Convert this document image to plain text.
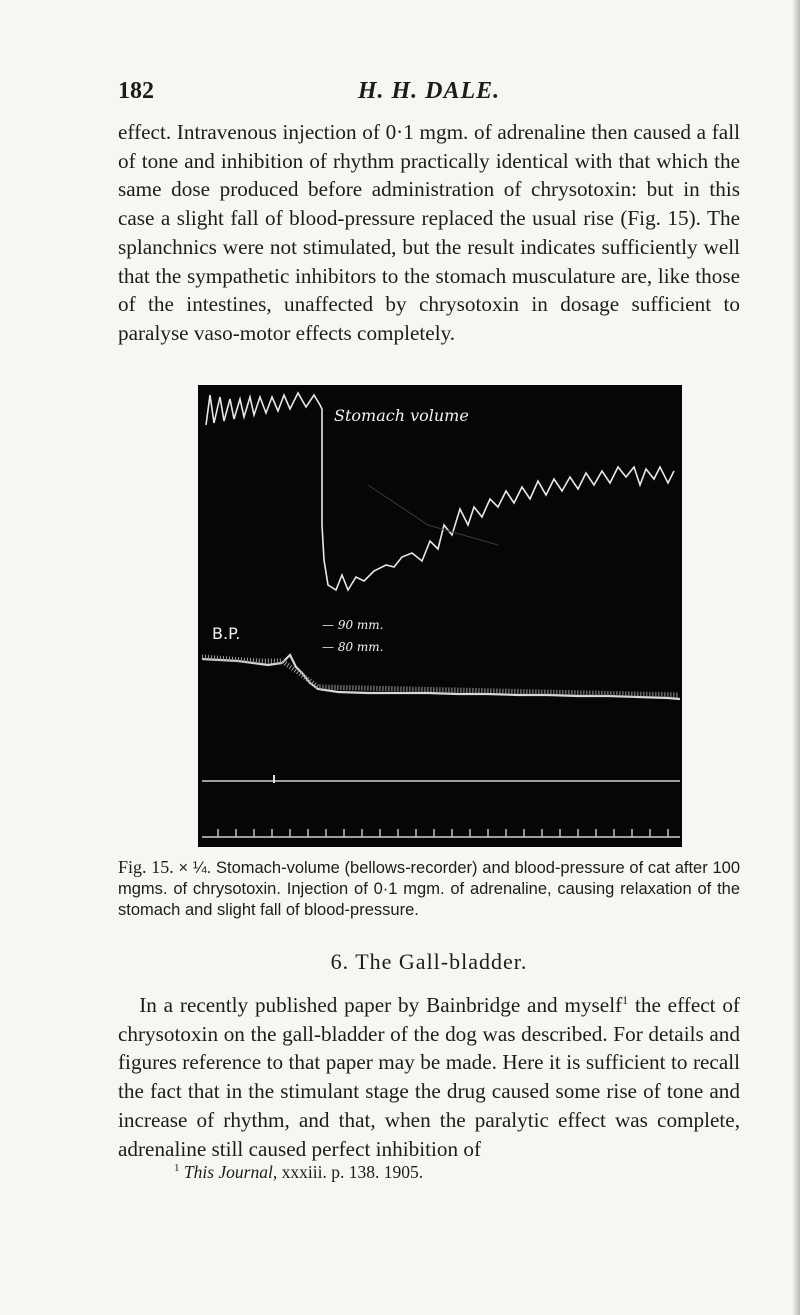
182	H. H. DALE.

effect. Intravenous injection of 0·1 mgm. of adrenaline then caused a fall of tone and inhibition of rhythm practically identical with that which the same dose produced before administration of chrysotoxin: but in this case a slight fall of blood-pressure replaced the usual rise (Fig. 15). The splanchnics were not stimulated, but the result indicates sufficiently well that the sympathetic inhibitors to the stomach musculature are, like those of the intestines, unaffected by chrysotoxin in dosage sufficient to paralyse vaso-motor effects completely.

Stomach volume
B.P.	— 90 mm.
— 80 mm.

Fig. 15. × ¼. Stomach-volume (bellows-recorder) and blood-pressure of cat after 100 mgms. of chrysotoxin. Injection of 0·1 mgm. of adrenaline, causing relaxation of the stomach and slight fall of blood-pressure.

6. The Gall-bladder.

 In a recently published paper by Bainbridge and myself$^1$ the effect of chrysotoxin on the gall-bladder of the dog was described. For details and figures reference to that paper may be made. Here it is sufficient to recall the fact that in the stimulant stage the drug caused some rise of tone and increase of rhythm, and that, when the paralytic effect was complete, adrenaline still caused perfect inhibition of

$^1$ This Journal, xxxiii. p. 138. 1905.
